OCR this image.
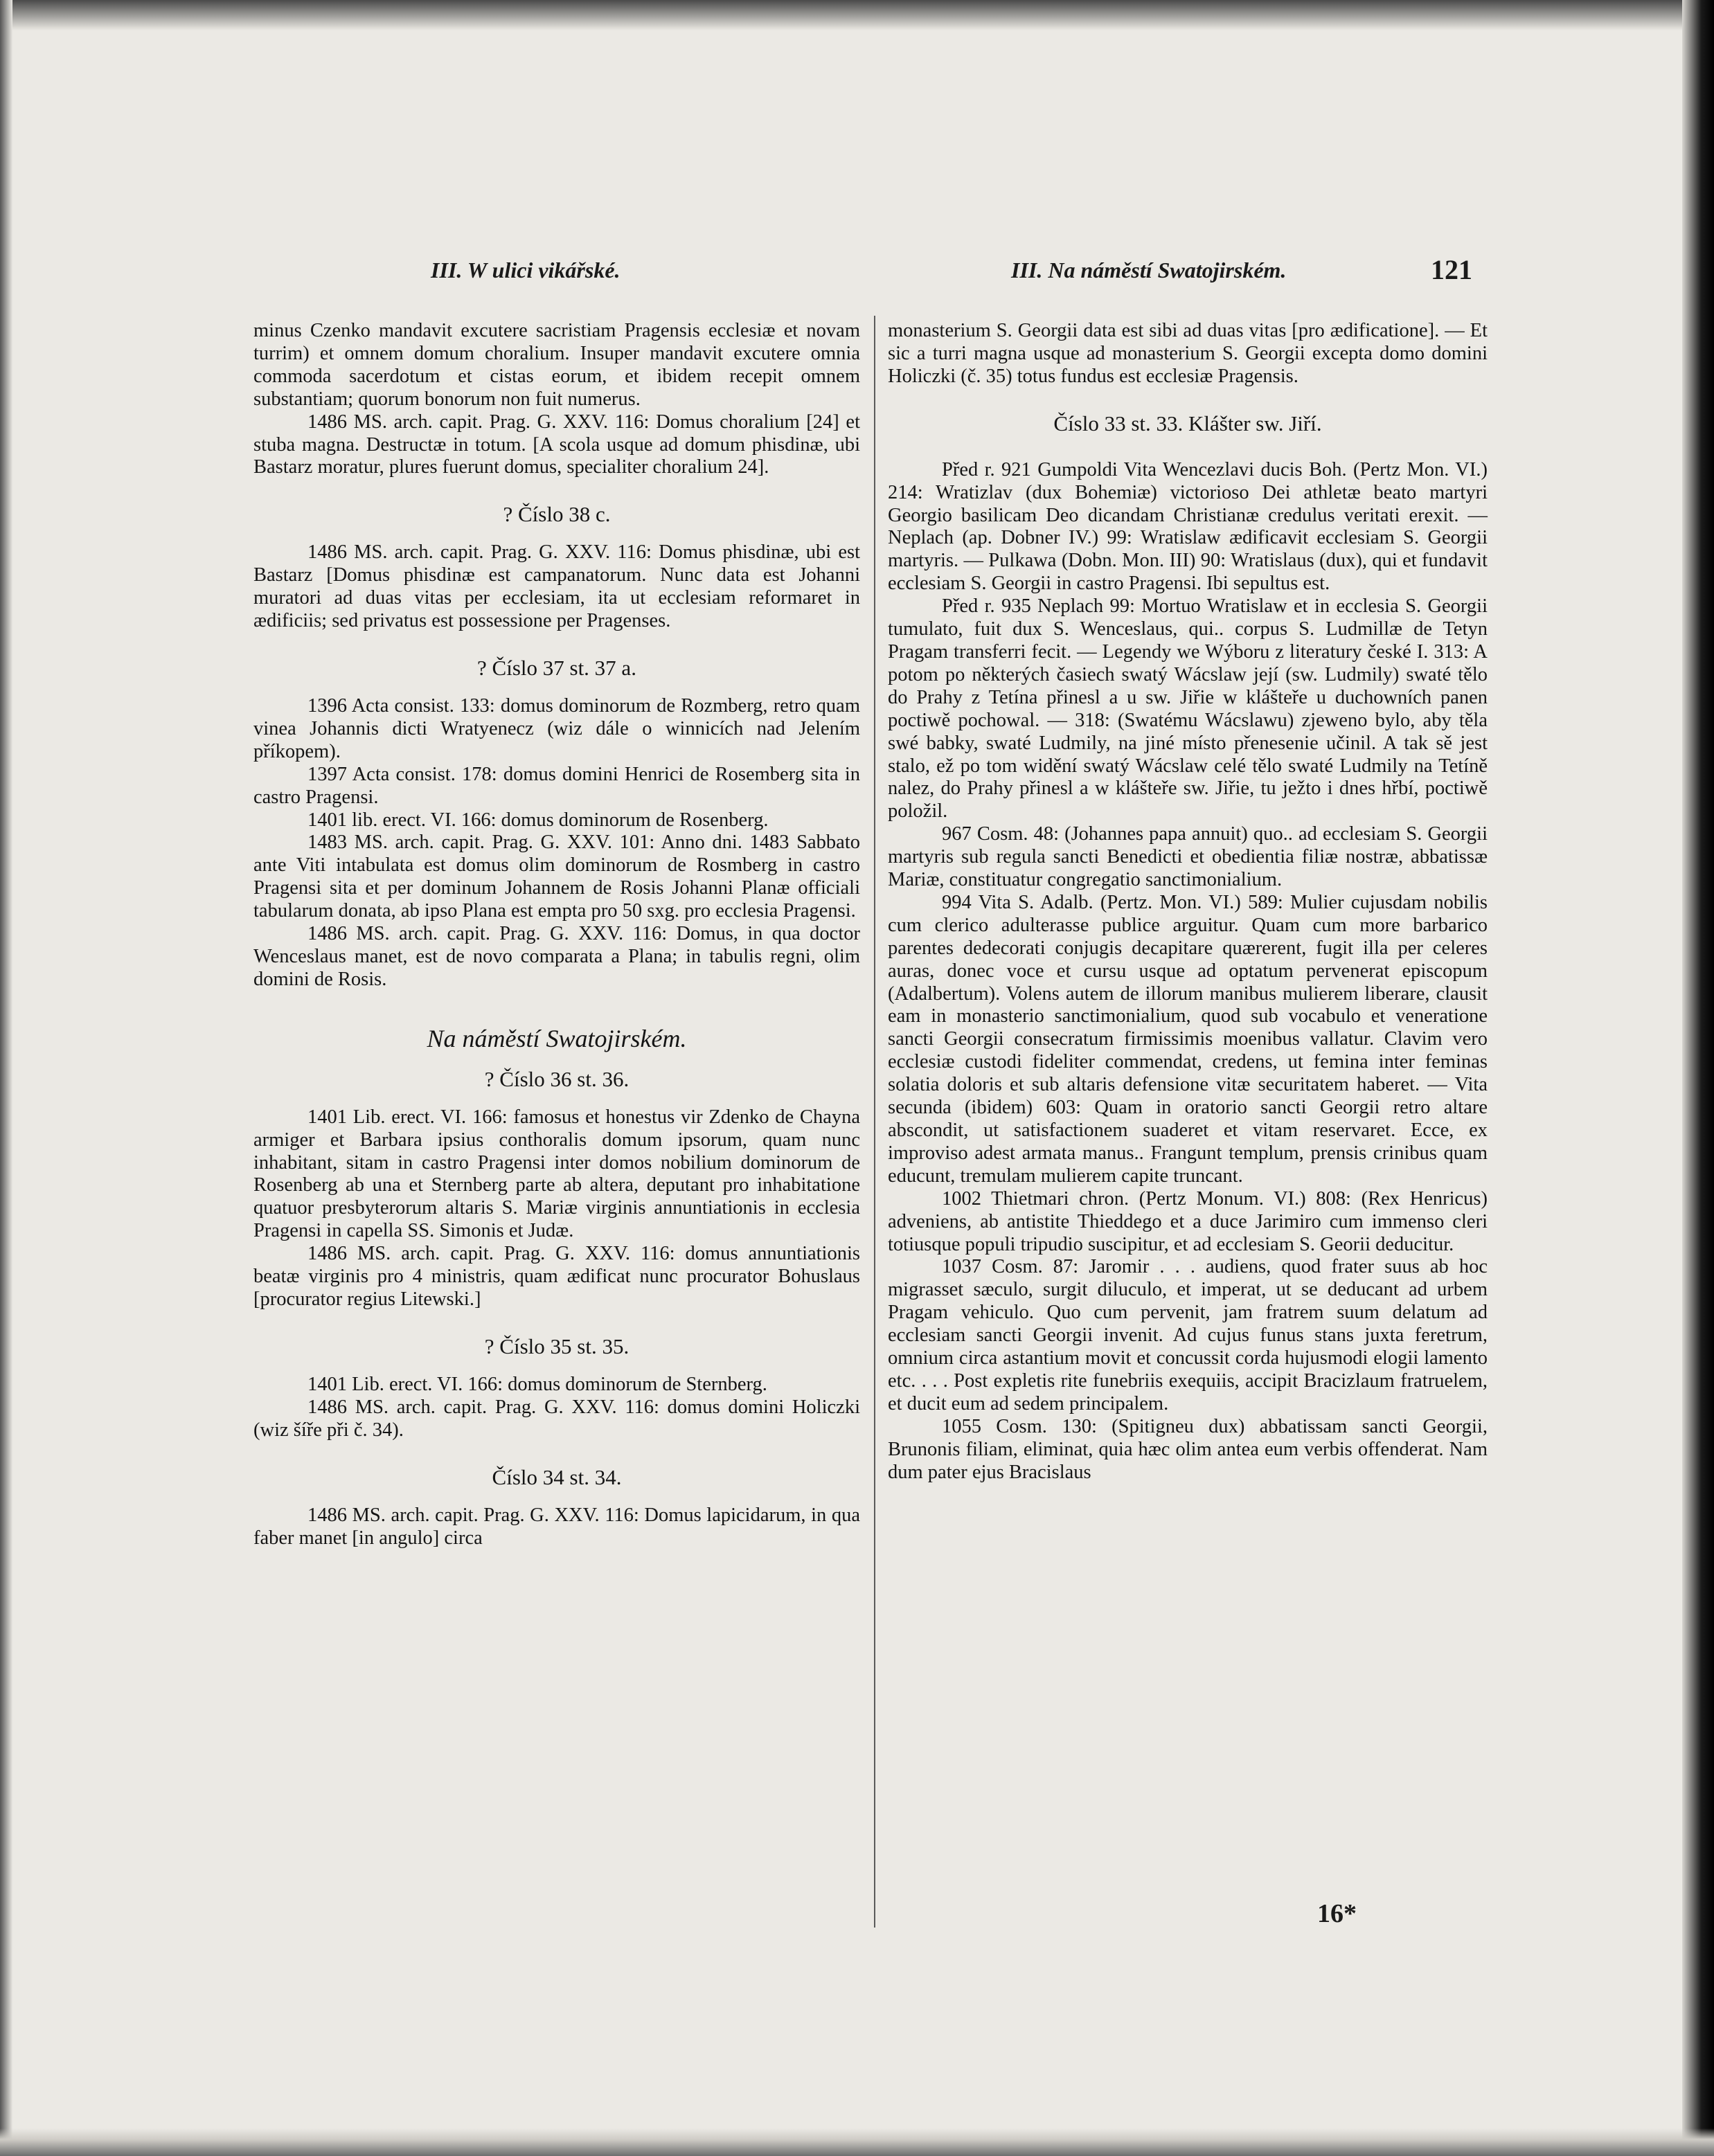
III. W ulici vikářské.	III. Na náměstí Swatojirském.	121

minus Czenko mandavit excutere sacristiam Pragensis ecclesiæ et novam turrim) et omnem domum choralium. Insuper mandavit excutere omnia commoda sacerdotum et cistas eorum, et ibidem recepit omnem substantiam; quorum bonorum non fuit numerus.

1486 MS. arch. capit. Prag. G. XXV. 116: Domus choralium [24] et stuba magna. Destructæ in totum. [A scola usque ad domum phisdinæ, ubi Bastarz moratur, plures fuerunt domus, specialiter choralium 24].

? Číslo 38 c.

1486 MS. arch. capit. Prag. G. XXV. 116: Domus phisdinæ, ubi est Bastarz [Domus phisdinæ est campanatorum. Nunc data est Johanni muratori ad duas vitas per ecclesiam, ita ut ecclesiam reformaret in ædificiis; sed privatus est possessione per Pragenses.

? Číslo 37 st. 37 a.

1396 Acta consist. 133: domus dominorum de Rozmberg, retro quam vinea Johannis dicti Wratyenecz (wiz dále o winnicích nad Jelením příkopem).

1397 Acta consist. 178: domus domini Henrici de Rosemberg sita in castro Pragensi.

1401 lib. erect. VI. 166: domus dominorum de Rosenberg.

1483 MS. arch. capit. Prag. G. XXV. 101: Anno dni. 1483 Sabbato ante Viti intabulata est domus olim dominorum de Rosmberg in castro Pragensi sita et per dominum Johannem de Rosis Johanni Planæ officiali tabularum donata, ab ipso Plana est empta pro 50 sxg. pro ecclesia Pragensi.

1486 MS. arch. capit. Prag. G. XXV. 116: Domus, in qua doctor Wenceslaus manet, est de novo comparata a Plana; in tabulis regni, olim domini de Rosis.

Na náměstí Swatojirském.
? Číslo 36 st. 36.

1401 Lib. erect. VI. 166: famosus et honestus vir Zdenko de Chayna armiger et Barbara ipsius conthoralis domum ipsorum, quam nunc inhabitant, sitam in castro Pragensi inter domos nobilium dominorum de Rosenberg ab una et Sternberg parte ab altera, deputant pro inhabitatione quatuor presbyterorum altaris S. Mariæ virginis annuntiationis in ecclesia Pragensi in capella SS. Simonis et Judæ.

1486 MS. arch. capit. Prag. G. XXV. 116: domus annuntiationis beatæ virginis pro 4 ministris, quam ædificat nunc procurator Bohuslaus [procurator regius Litewski.]

? Číslo 35 st. 35.

1401 Lib. erect. VI. 166: domus dominorum de Sternberg.

1486 MS. arch. capit. Prag. G. XXV. 116: domus domini Holiczki (wiz šíře při č. 34).

Číslo 34 st. 34.

1486 MS. arch. capit. Prag. G. XXV. 116: Domus lapicidarum, in qua faber manet [in angulo] circa

monasterium S. Georgii data est sibi ad duas vitas [pro ædificatione]. — Et sic a turri magna usque ad monasterium S. Georgii excepta domo domini Holiczki (č. 35) totus fundus est ecclesiæ Pragensis.

Číslo 33 st. 33. Klášter sw. Jiří.

Před r. 921 Gumpoldi Vita Wencezlavi ducis Boh. (Pertz Mon. VI.) 214: Wratizlav (dux Bohemiæ) victorioso Dei athletæ beato martyri Georgio basilicam Deo dicandam Christianæ credulus veritati erexit. — Neplach (ap. Dobner IV.) 99: Wratislaw ædificavit ecclesiam S. Georgii martyris. — Pulkawa (Dobn. Mon. III) 90: Wratislaus (dux), qui et fundavit ecclesiam S. Georgii in castro Pragensi. Ibi sepultus est.

Před r. 935 Neplach 99: Mortuo Wratislaw et in ecclesia S. Georgii tumulato, fuit dux S. Wenceslaus, qui.. corpus S. Ludmillæ de Tetyn Pragam transferri fecit. — Legendy we Wýboru z literatury české I. 313: A potom po některých časiech swatý Wácslaw její (sw. Ludmily) swaté tělo do Prahy z Tetína přinesl a u sw. Jiřie w klášteře u duchowních panen poctiwě pochowal. — 318: (Swatému Wácslawu) zjeweno bylo, aby těla swé babky, swaté Ludmily, na jiné místo přenesenie učinil. A tak sě jest stalo, ež po tom widění swatý Wácslaw celé tělo swaté Ludmily na Tetíně nalez, do Prahy přinesl a w klášteře sw. Jiřie, tu ježto i dnes hřbí, poctiwě položil.

967 Cosm. 48: (Johannes papa annuit) quo.. ad ecclesiam S. Georgii martyris sub regula sancti Benedicti et obedientia filiæ nostræ, abbatissæ Mariæ, constituatur congregatio sanctimonialium.

994 Vita S. Adalb. (Pertz. Mon. VI.) 589: Mulier cujusdam nobilis cum clerico adulterasse publice arguitur. Quam cum more barbarico parentes dedecorati conjugis decapitare quærerent, fugit illa per celeres auras, donec voce et cursu usque ad optatum pervenerat episcopum (Adalbertum). Volens autem de illorum manibus mulierem liberare, clausit eam in monasterio sanctimonialium, quod sub vocabulo et veneratione sancti Georgii consecratum firmissimis moenibus vallatur. Clavim vero ecclesiæ custodi fideliter commendat, credens, ut femina inter feminas solatia doloris et sub altaris defensione vitæ securitatem haberet. — Vita secunda (ibidem) 603: Quam in oratorio sancti Georgii retro altare abscondit, ut satisfactionem suaderet et vitam reservaret. Ecce, ex improviso adest armata manus.. Frangunt templum, prensis crinibus quam educunt, tremulam mulierem capite truncant.

1002 Thietmari chron. (Pertz Monum. VI.) 808: (Rex Henricus) adveniens, ab antistite Thieddego et a duce Jarimiro cum immenso cleri totiusque populi tripudio suscipitur, et ad ecclesiam S. Georii deducitur.

1037 Cosm. 87: Jaromir . . . audiens, quod frater suus ab hoc migrasset sæculo, surgit diluculo, et imperat, ut se deducant ad urbem Pragam vehiculo. Quo cum pervenit, jam fratrem suum delatum ad ecclesiam sancti Georgii invenit. Ad cujus funus stans juxta feretrum, omnium circa astantium movit et concussit corda hujusmodi elogii lamento etc. . . . Post expletis rite funebriis exequiis, accipit Bracizlaum fratruelem, et ducit eum ad sedem principalem.

1055 Cosm. 130: (Spitigneu dux) abbatissam sancti Georgii, Brunonis filiam, eliminat, quia hæc olim antea eum verbis offenderat. Nam dum pater ejus Bracislaus

16*
